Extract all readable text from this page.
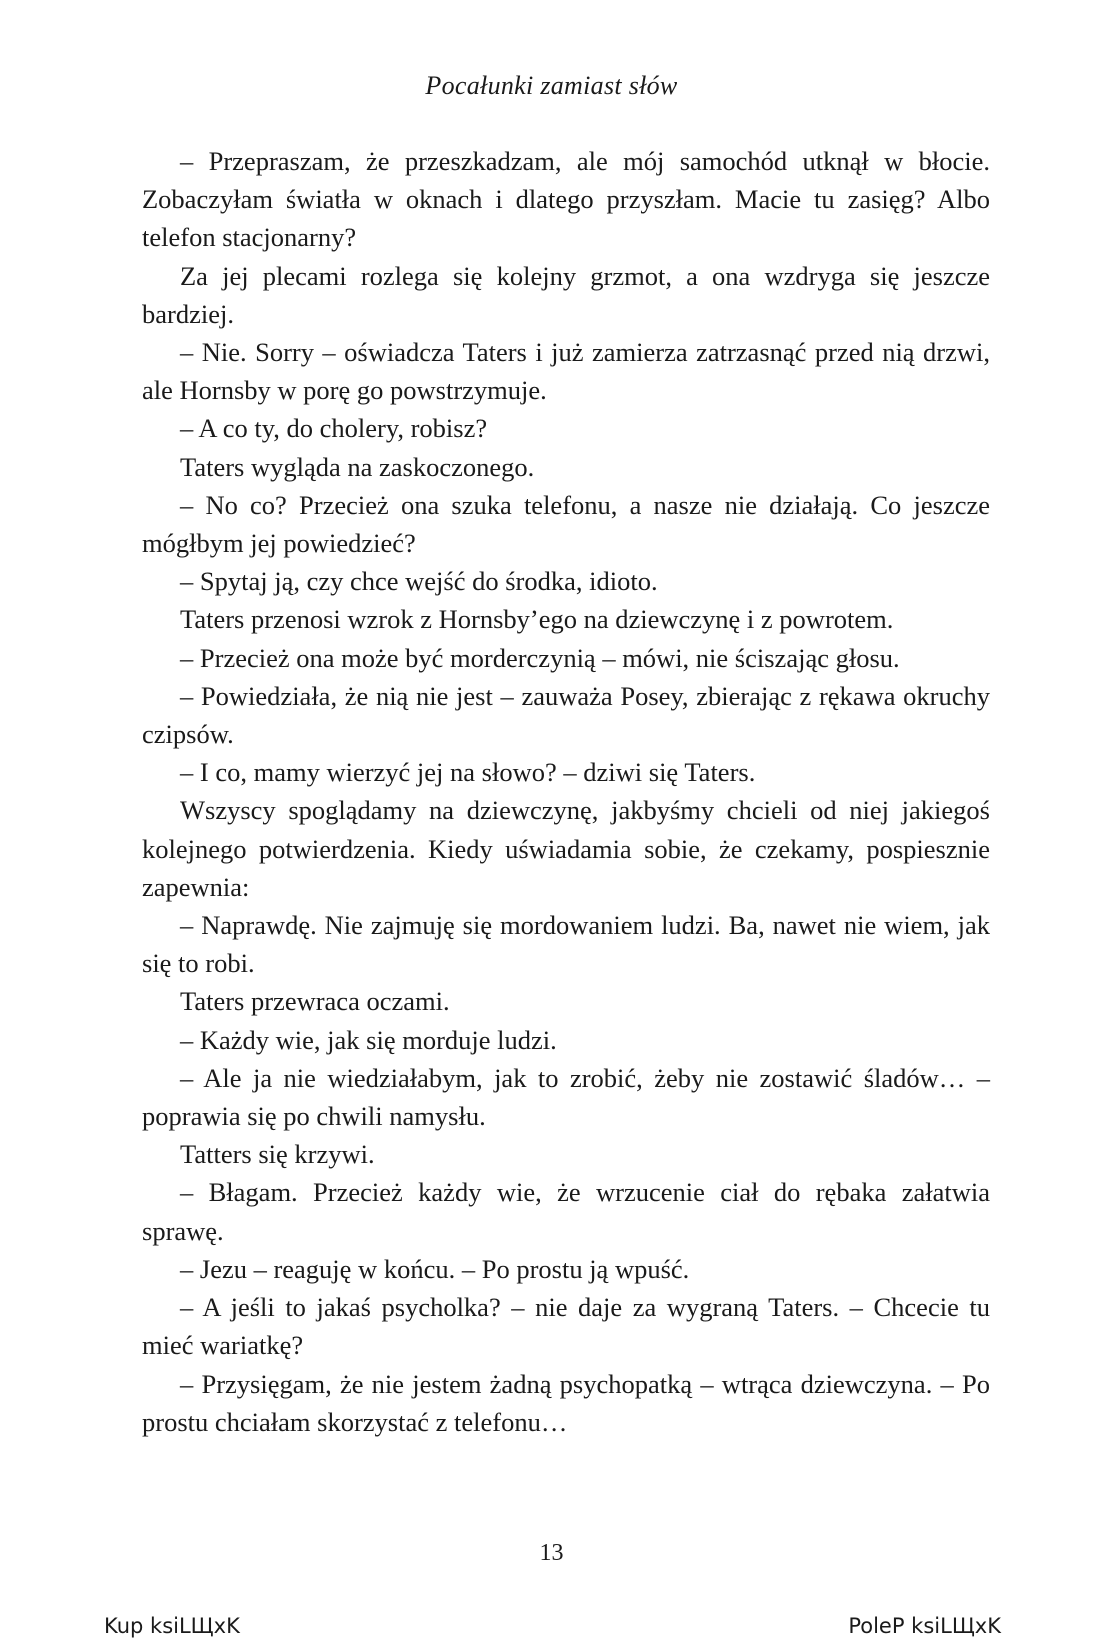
Pocałunki zamiast słów

– Przepraszam, że przeszkadzam, ale mój samochód utknął w błocie. Zobaczyłam światła w oknach i dlatego przyszłam. Macie tu zasięg? Albo telefon stacjonarny?

Za jej plecami rozlega się kolejny grzmot, a ona wzdryga się jeszcze bardziej.

– Nie. Sorry – oświadcza Taters i już zamierza zatrzasnąć przed nią drzwi, ale Hornsby w porę go powstrzymuje.

– A co ty, do cholery, robisz?

Taters wygląda na zaskoczonego.

– No co? Przecież ona szuka telefonu, a nasze nie działają. Co jeszcze mógłbym jej powiedzieć?

– Spytaj ją, czy chce wejść do środka, idioto.

Taters przenosi wzrok z Hornsby’ego na dziewczynę i z powrotem.

– Przecież ona może być morderczynią – mówi, nie ściszając głosu.

– Powiedziała, że nią nie jest – zauważa Posey, zbierając z rękawa okruchy czipsów.

– I co, mamy wierzyć jej na słowo? – dziwi się Taters.

Wszyscy spoglądamy na dziewczynę, jakbyśmy chcieli od niej jakiegoś kolejnego potwierdzenia. Kiedy uświadamia sobie, że czekamy, pospiesznie zapewnia:

– Naprawdę. Nie zajmuję się mordowaniem ludzi. Ba, nawet nie wiem, jak się to robi.

Taters przewraca oczami.

– Każdy wie, jak się morduje ludzi.

– Ale ja nie wiedziałabym, jak to zrobić, żeby nie zostawić śladów… – poprawia się po chwili namysłu.

Tatters się krzywi.

– Błagam. Przecież każdy wie, że wrzucenie ciał do rębaka załatwia sprawę.

– Jezu – reaguję w końcu. – Po prostu ją wpuść.

– A jeśli to jakaś psycholka? – nie daje za wygraną Taters. – Chcecie tu mieć wariatkę?

– Przysięgam, że nie jestem żadną psychopatką – wtrąca dziewczyna. – Po prostu chciałam skorzystać z telefonu…

13
Kup ksiLЩxK	PoleP ksiLЩxK
